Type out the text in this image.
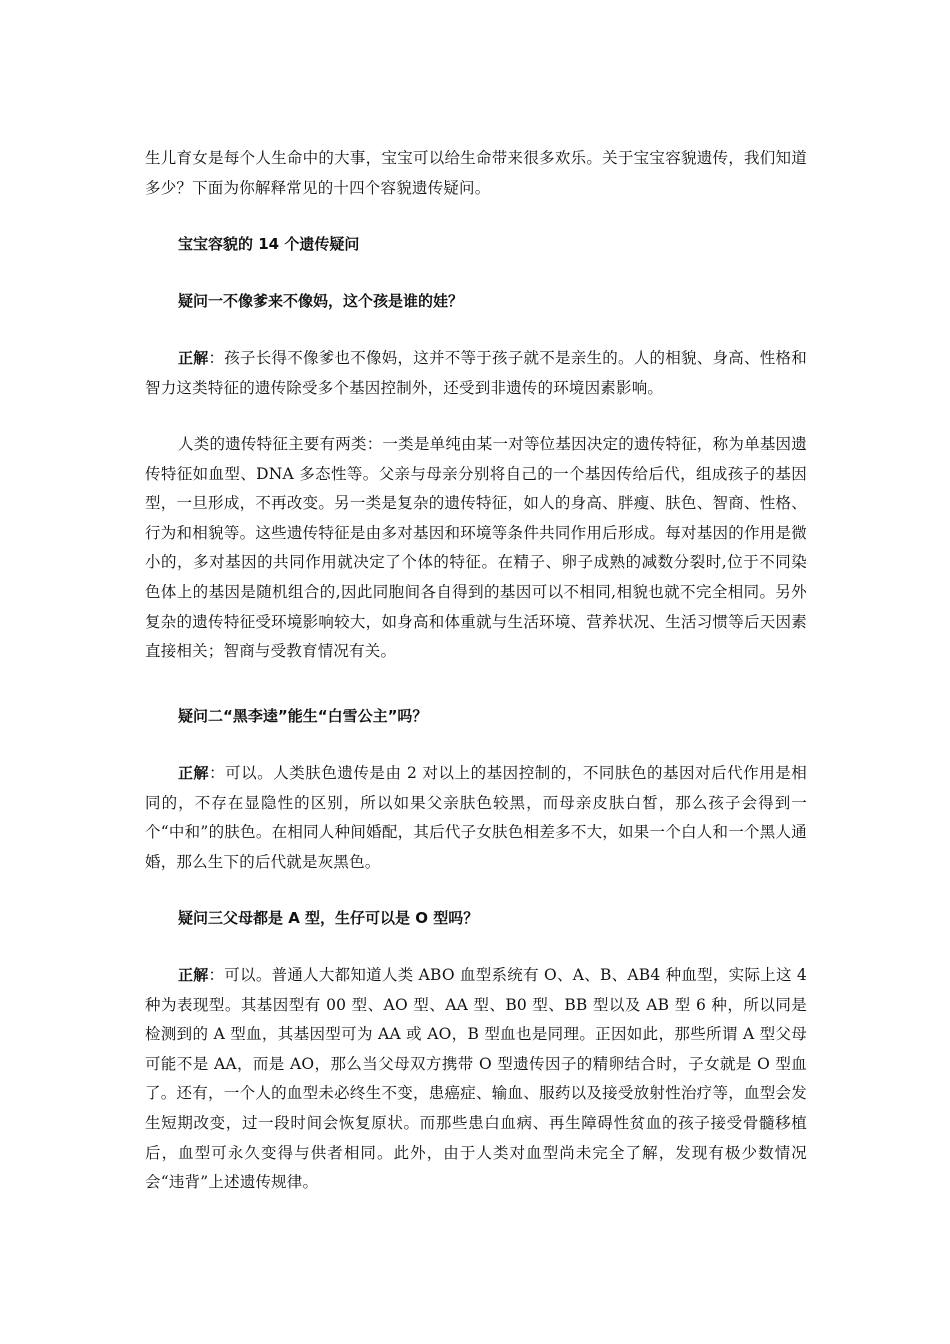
生儿育女是每个人生命中的大事，宝宝可以给生命带来很多欢乐。关于宝宝容貌遗传，我们知道多少？下面为你解释常见的十四个容貌遗传疑问。

宝宝容貌的 14 个遗传疑问

疑问一不像爹来不像妈，这个孩是谁的娃？

正解：孩子长得不像爹也不像妈，这并不等于孩子就不是亲生的。人的相貌、身高、性格和智力这类特征的遗传除受多个基因控制外，还受到非遗传的环境因素影响。

人类的遗传特征主要有两类：一类是单纯由某一对等位基因决定的遗传特征，称为单基因遗传特征如血型、DNA 多态性等。父亲与母亲分别将自己的一个基因传给后代，组成孩子的基因型，一旦形成，不再改变。另一类是复杂的遗传特征，如人的身高、胖瘦、肤色、智商、性格、行为和相貌等。这些遗传特征是由多对基因和环境等条件共同作用后形成。每对基因的作用是微小的，多对基因的共同作用就决定了个体的特征。在精子、卵子成熟的减数分裂时,位于不同染色体上的基因是随机组合的,因此同胞间各自得到的基因可以不相同,相貌也就不完全相同。另外复杂的遗传特征受环境影响较大，如身高和体重就与生活环境、营养状况、生活习惯等后天因素直接相关；智商与受教育情况有关。

疑问二“黑李逵”能生“白雪公主”吗？

正解：可以。人类肤色遗传是由 2 对以上的基因控制的，不同肤色的基因对后代作用是相同的，不存在显隐性的区别，所以如果父亲肤色较黑，而母亲皮肤白皙，那么孩子会得到一个“中和”的肤色。在相同人种间婚配，其后代子女肤色相差多不大，如果一个白人和一个黑人通婚，那么生下的后代就是灰黑色。

疑问三父母都是 A 型，生仔可以是 O 型吗？

正解：可以。普通人大都知道人类 ABO 血型系统有 O、A、B、AB4 种血型，实际上这 4 种为表现型。其基因型有 00 型、AO 型、AA 型、B0 型、BB 型以及 AB 型 6 种，所以同是检测到的 A 型血，其基因型可为 AA 或 AO，B 型血也是同理。正因如此，那些所谓 A 型父母可能不是 AA，而是 AO，那么当父母双方携带 O 型遗传因子的精卵结合时，子女就是 O 型血了。还有，一个人的血型未必终生不变，患癌症、输血、服药以及接受放射性治疗等，血型会发生短期改变，过一段时间会恢复原状。而那些患白血病、再生障碍性贫血的孩子接受骨髓移植后，血型可永久变得与供者相同。此外，由于人类对血型尚未完全了解，发现有极少数情况会“违背”上述遗传规律。
